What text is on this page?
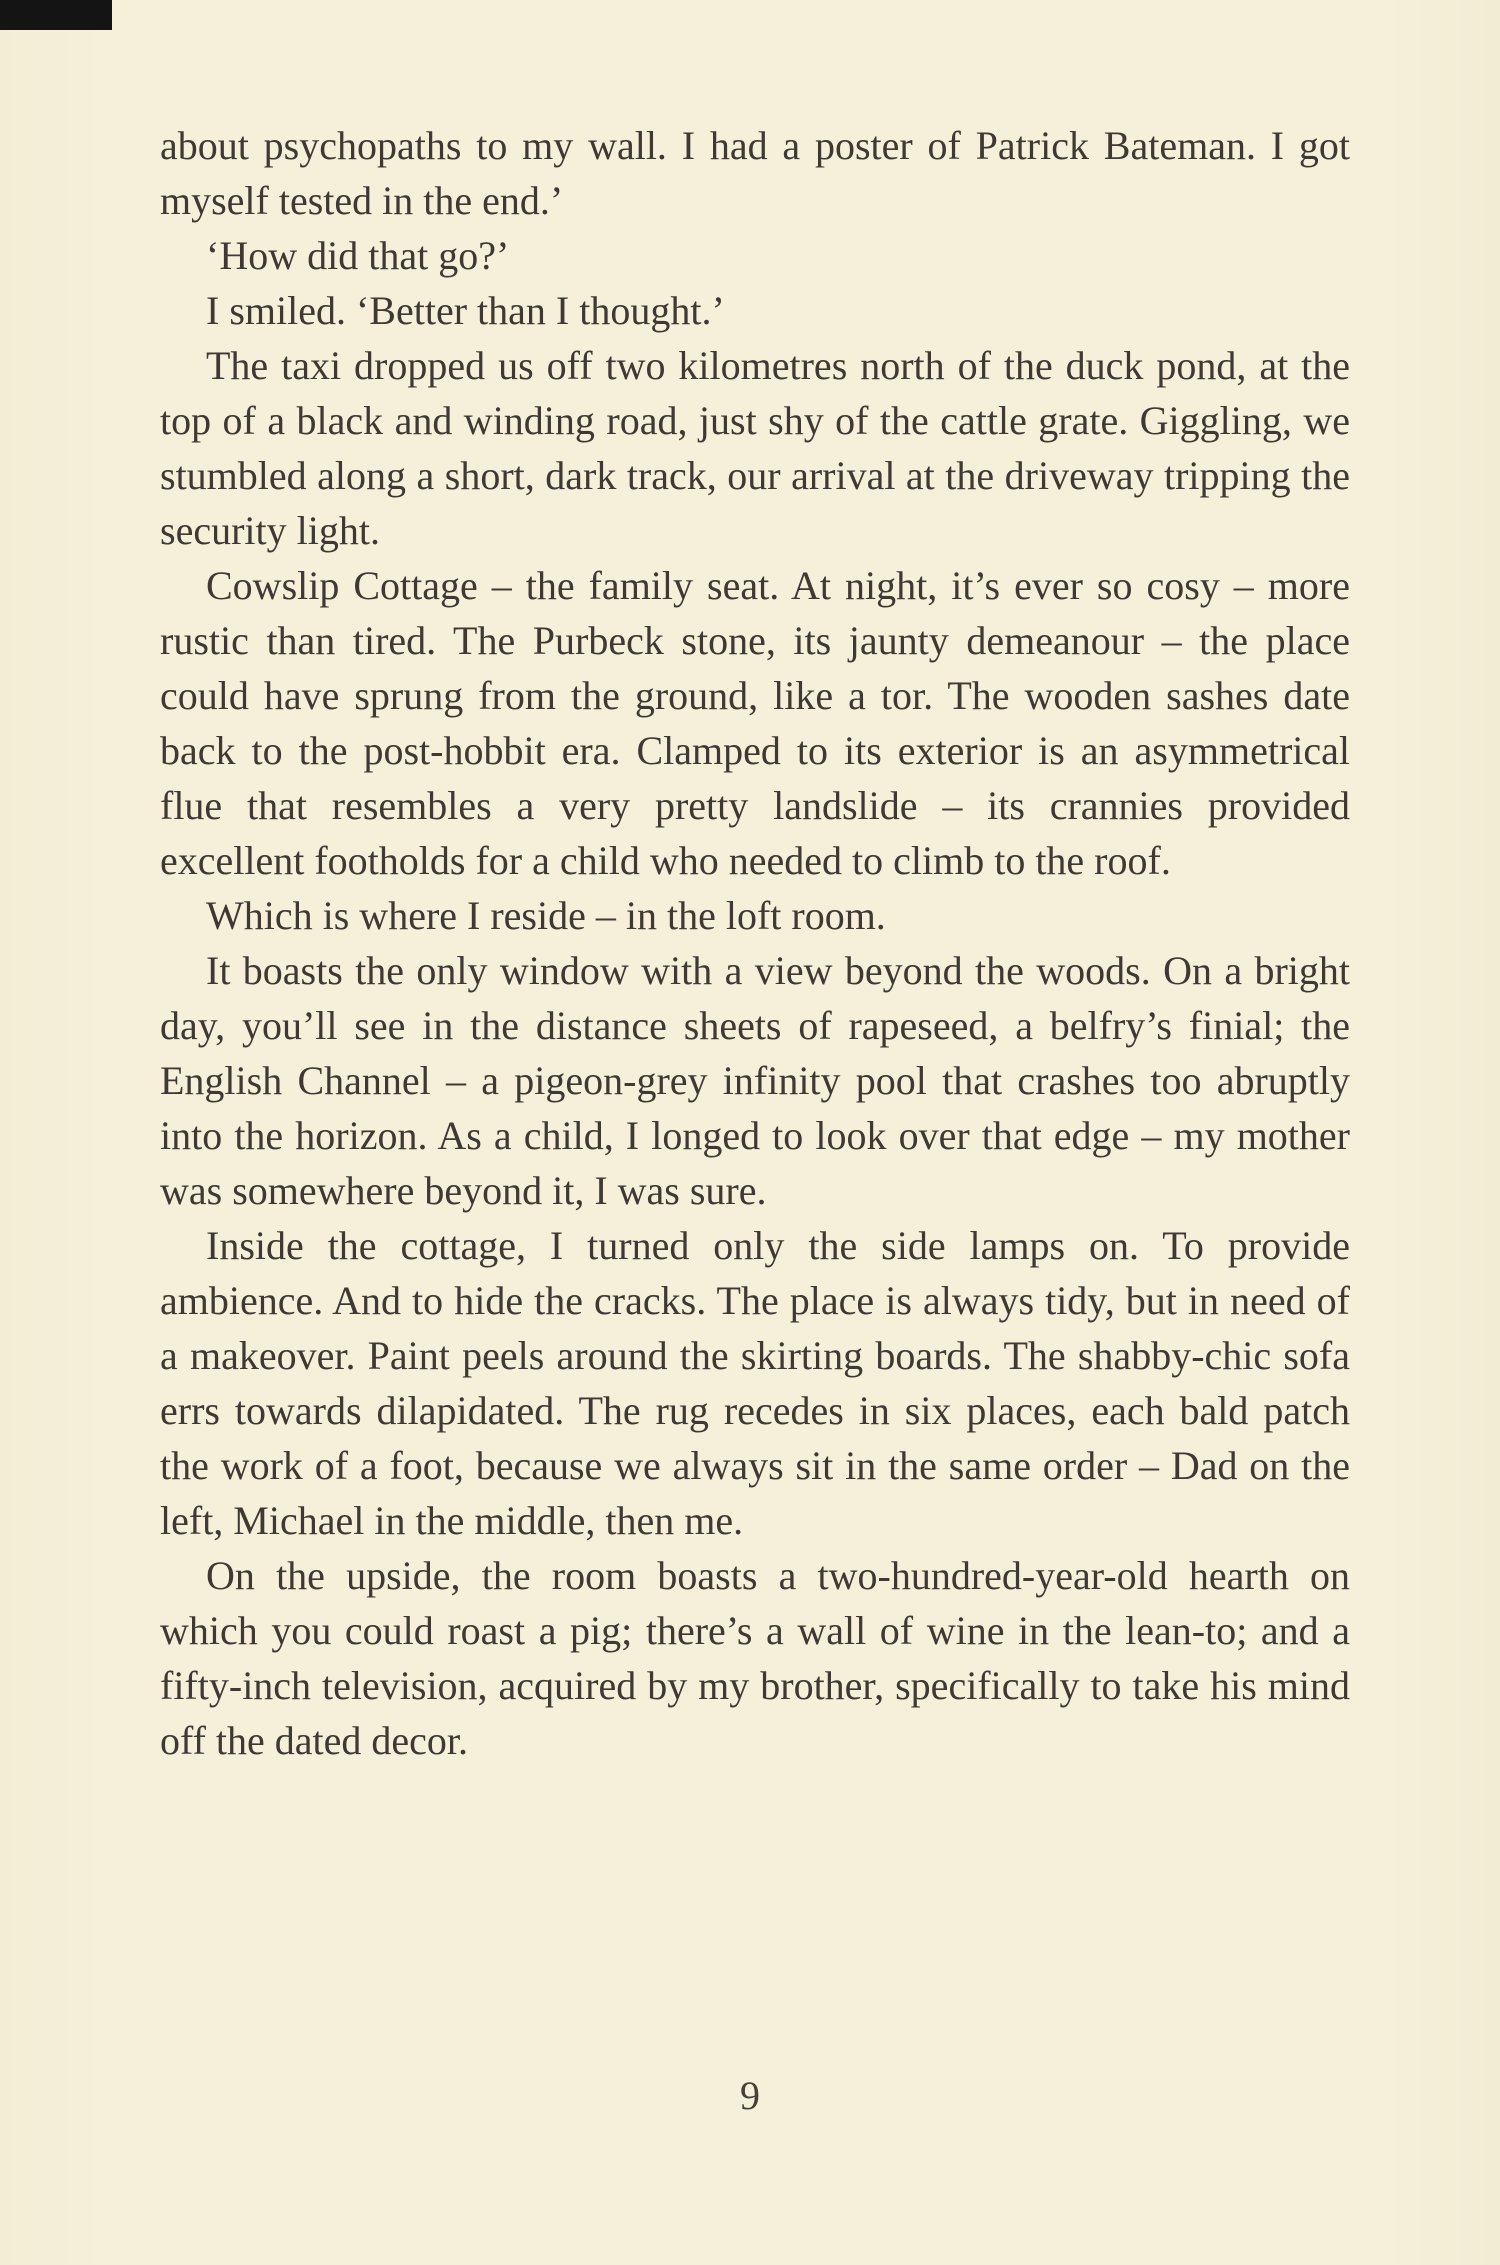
about psychopaths to my wall. I had a poster of Patrick Bateman. I got myself tested in the end.’

‘How did that go?’

I smiled. ‘Better than I thought.’

The taxi dropped us off two kilometres north of the duck pond, at the top of a black and winding road, just shy of the cattle grate. Giggling, we stumbled along a short, dark track, our arrival at the driveway tripping the security light.

Cowslip Cottage – the family seat. At night, it’s ever so cosy – more rustic than tired. The Purbeck stone, its jaunty demeanour – the place could have sprung from the ground, like a tor. The wooden sashes date back to the post-hobbit era. Clamped to its exterior is an asymmetrical flue that resembles a very pretty landslide – its crannies provided excellent footholds for a child who needed to climb to the roof.

Which is where I reside – in the loft room.

It boasts the only window with a view beyond the woods. On a bright day, you’ll see in the distance sheets of rapeseed, a belfry’s finial; the English Channel – a pigeon-grey infinity pool that crashes too abruptly into the horizon. As a child, I longed to look over that edge – my mother was somewhere beyond it, I was sure.

Inside the cottage, I turned only the side lamps on. To provide ambience. And to hide the cracks. The place is always tidy, but in need of a makeover. Paint peels around the skirting boards. The shabby-chic sofa errs towards dilapidated. The rug recedes in six places, each bald patch the work of a foot, because we always sit in the same order – Dad on the left, Michael in the middle, then me.

On the upside, the room boasts a two-hundred-year-old hearth on which you could roast a pig; there’s a wall of wine in the lean-to; and a fifty-inch television, acquired by my brother, specifically to take his mind off the dated decor.

9
